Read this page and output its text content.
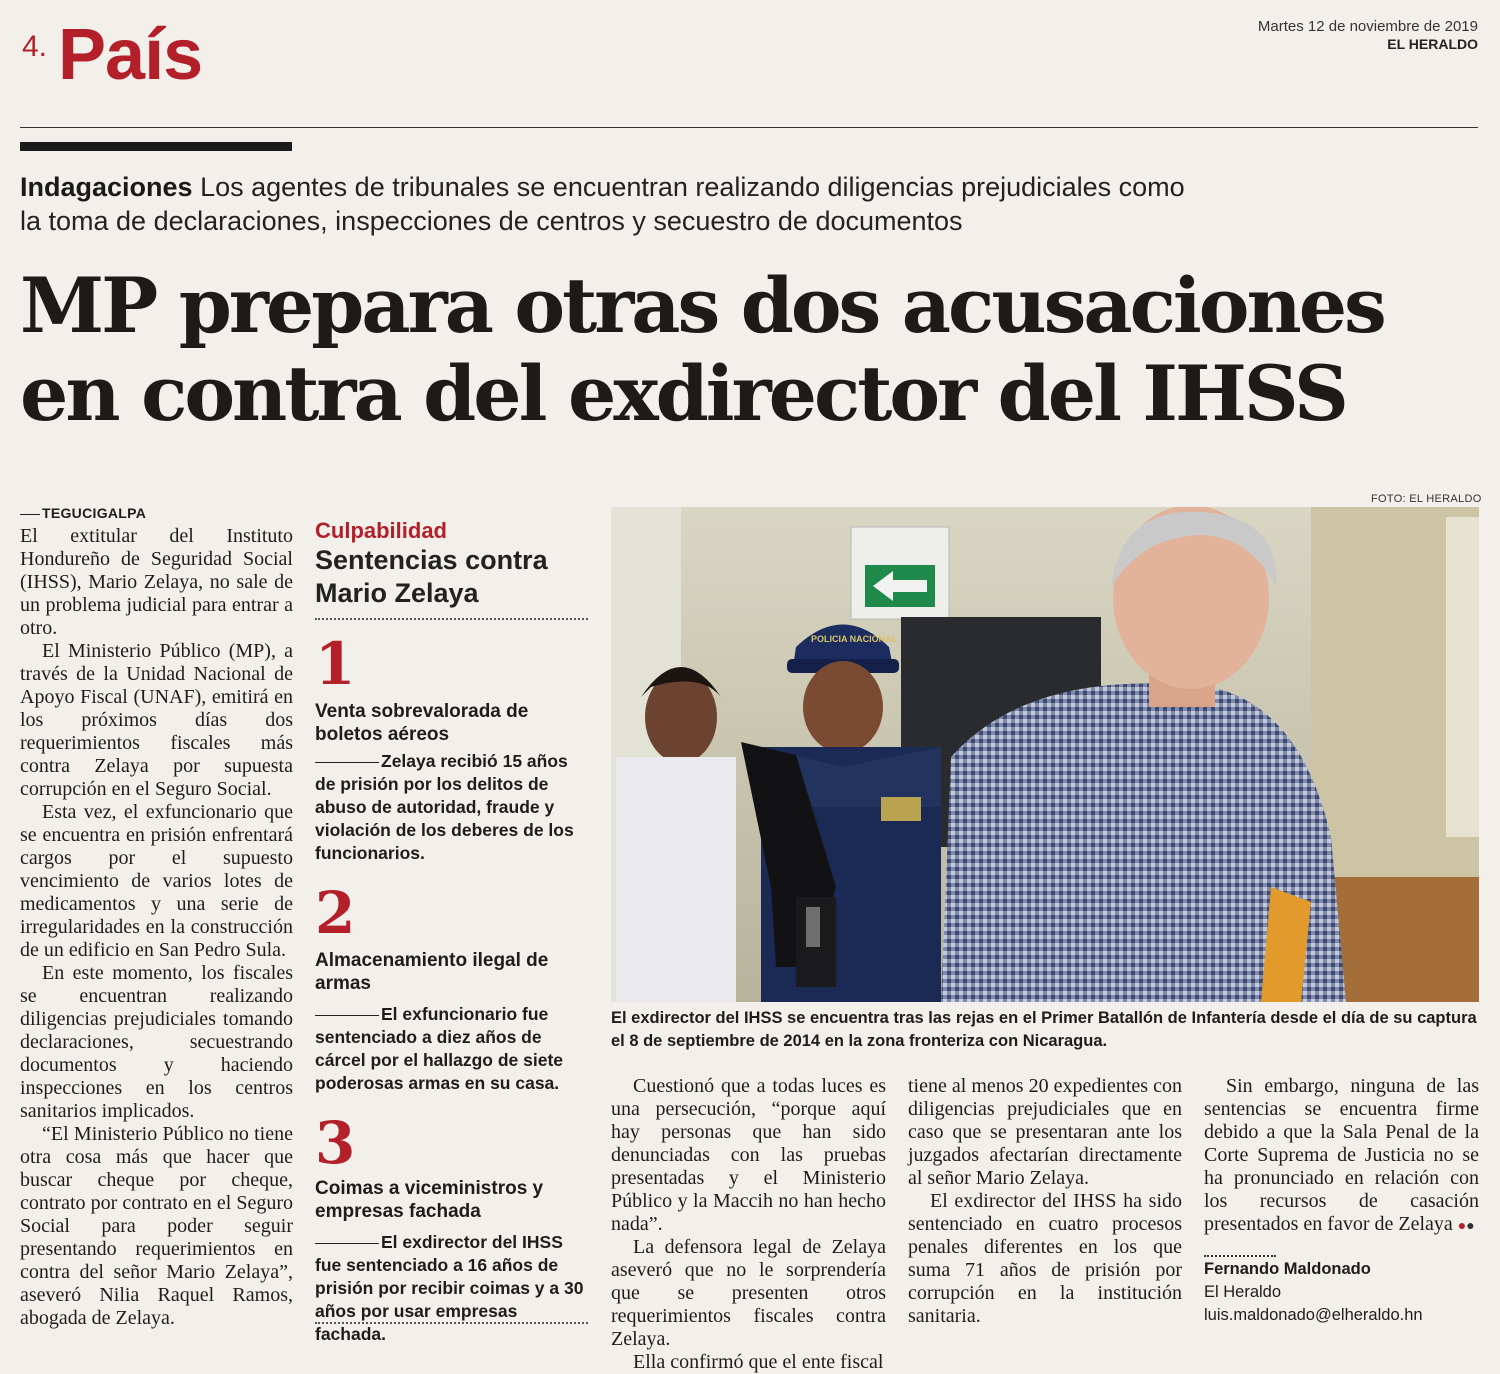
4. País	Martes 12 de noviembre de 2019
EL HERALDO
Indagaciones Los agentes de tribunales se encuentran realizando diligencias prejudiciales como
la toma de declaraciones, inspecciones de centros y secuestro de documentos
MP prepara otras dos acusaciones
en contra del exdirector del IHSS
TEGUCIGALPA

El extitular del Instituto Hondureño de Seguridad Social (IHSS), Mario Zelaya, no sale de un problema judicial para entrar a otro.

El Ministerio Público (MP), a través de la Unidad Nacional de Apoyo Fiscal (UNAF), emitirá en los próximos días dos requerimientos fiscales más contra Zelaya por supuesta corrupción en el Seguro Social.

Esta vez, el exfuncionario que se encuentra en prisión enfrentará cargos por el supuesto vencimiento de varios lotes de medicamentos y una serie de irregularidades en la construcción de un edificio en San Pedro Sula.

En este momento, los fiscales se encuentran realizando diligencias prejudiciales tomando declaraciones, secuestrando documentos y haciendo inspecciones en los centros sanitarios implicados.

“El Ministerio Público no tiene otra cosa más que hacer que buscar cheque por cheque, contrato por contrato en el Seguro Social para poder seguir presentando requerimientos en contra del señor Mario Zelaya”, aseveró Nilia Raquel Ramos, abogada de Zelaya.

Culpabilidad
Sentencias contra Mario Zelaya
1
Venta sobrevalorada de boletos aéreos
Zelaya recibió 15 años de prisión por los delitos de abuso de autoridad, fraude y violación de los deberes de los funcionarios.
2
Almacenamiento ilegal de armas
El exfuncionario fue sentenciado a diez años de cárcel por el hallazgo de siete poderosas armas en su casa.
3
Coimas a viceministros y empresas fachada
El exdirector del IHSS fue sentenciado a 16 años de prisión por recibir coimas y a 30 años por usar empresas fachada.
FOTO: EL HERALDO
POLICIA NACIONAL
El exdirector del IHSS se encuentra tras las rejas en el Primer Batallón de Infantería desde el día de su captura el 8 de septiembre de 2014 en la zona fronteriza con Nicaragua.

Cuestionó que a todas luces es una persecución, “porque aquí hay personas que han sido denunciadas con las pruebas presentadas y el Ministerio Público y la Maccih no han hecho nada”.

La defensora legal de Zelaya aseveró que no le sorprendería que se presenten otros requerimientos fiscales contra Zelaya.

Ella confirmó que el ente fiscal

tiene al menos 20 expedientes con diligencias prejudiciales que en caso que se presentaran ante los juzgados afectarían directamente al señor Mario Zelaya.

El exdirector del IHSS ha sido sentenciado en cuatro procesos penales diferentes en los que suma 71 años de prisión por corrupción en la institución sanitaria.

Sin embargo, ninguna de las sentencias se encuentra firme debido a que la Sala Penal de la Corte Suprema de Justicia no se ha pronunciado en relación con los recursos de casación presentados en favor de Zelaya ●●

Fernando Maldonado
El Heraldo
luis.maldonado@elheraldo.hn
